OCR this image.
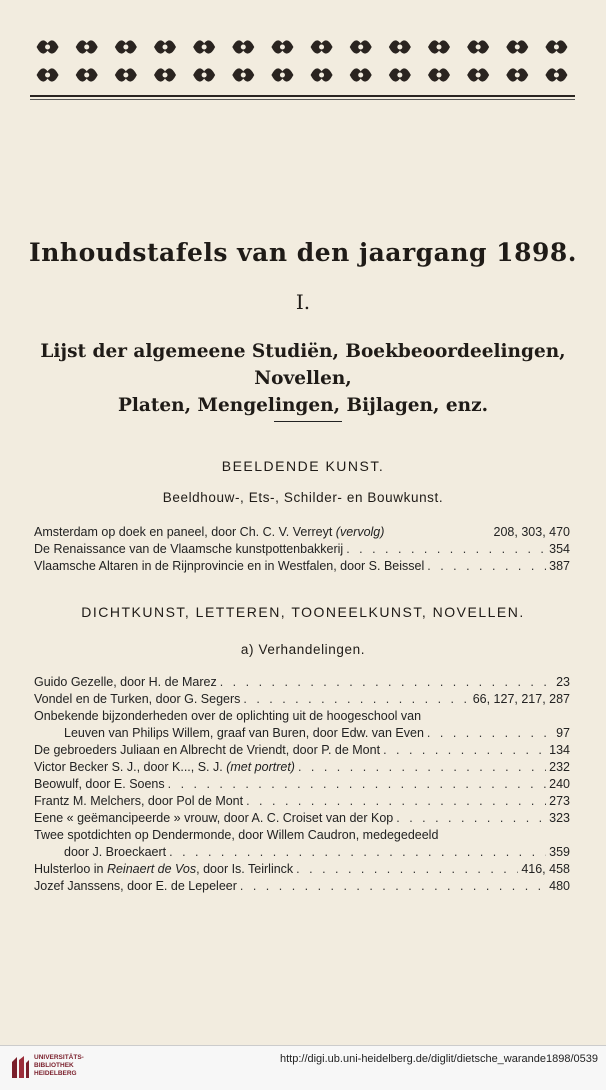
Inhoudstafels van den jaargang 1898.
I.
Lijst der algemeene Studiën, Boekbeoordeelingen, Novellen,
Platen, Mengelingen, Bijlagen, enz.
BEELDENDE KUNST.
Beeldhouw-, Ets-, Schilder- en Bouwkunst.
Amsterdam op doek en paneel, door Ch. C. V. Verreyt (vervolg)	208, 303, 470
De Renaissance van de Vlaamsche kunstpottenbakkerij . . .	354
Vlaamsche Altaren in de Rijnprovincie en in Westfalen, door S. Beissel . . .	387
DICHTKUNST, LETTEREN, TOONEELKUNST, NOVELLEN.
a) Verhandelingen.
Guido Gezelle, door H. de Marez . . .	23
Vondel en de Turken, door G. Segers . . .	66, 127, 217, 287
Onbekende bijzonderheden over de oplichting uit de hoogeschool van
Leuven van Philips Willem, graaf van Buren, door Edw. van Even . . .	97
De gebroeders Juliaan en Albrecht de Vriendt, door P. de Mont . . .	134
Victor Becker S. J., door K..., S. J. (met portret) . . .	232
Beowulf, door E. Soens . . .	240
Frantz M. Melchers, door Pol de Mont . . .	273
Eene « geëmancipeerde » vrouw, door A. C. Croiset van der Kop . . .	323
Twee spotdichten op Dendermonde, door Willem Caudron, medegedeeld
door J. Broeckaert . . .	359
Hulsterloo in Reinaert de Vos, door Is. Teirlinck . . .	416, 458
Jozef Janssens, door E. de Lepeleer . . .	480
UNIVERSITÄTS-
BIBLIOTHEK
HEIDELBERG
http://digi.ub.uni-heidelberg.de/diglit/dietsche_warande1898/0539
